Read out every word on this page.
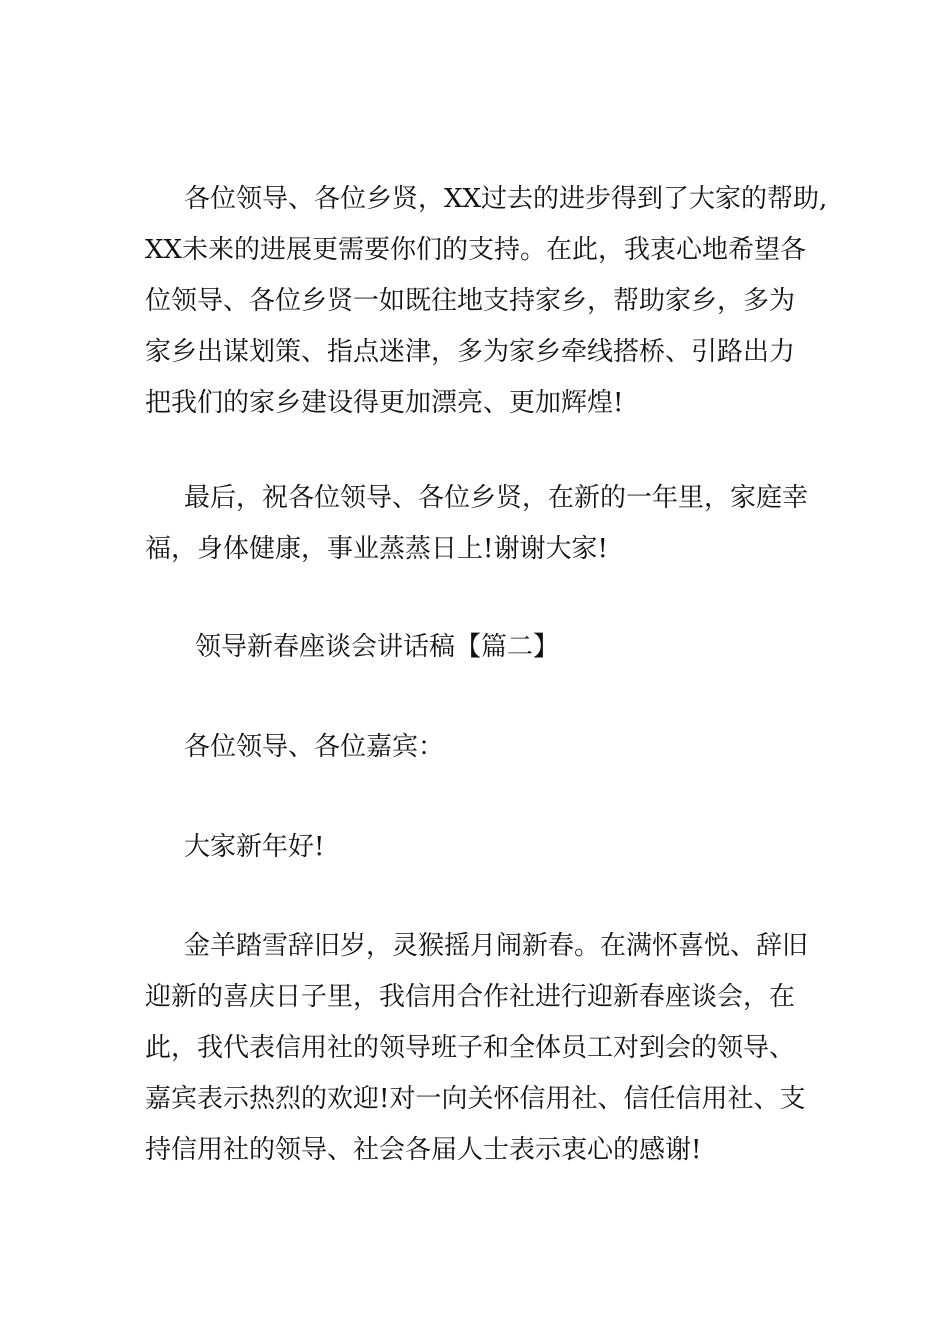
各位领导、各位乡贤，XX过去的进步得到了大家的帮助,
XX未来的进展更需要你们的支持。在此，我衷心地希望各
位领导、各位乡贤一如既往地支持家乡，帮助家乡，多为
家乡出谋划策、指点迷津，多为家乡牵线搭桥、引路出力
把我们的家乡建设得更加漂亮、更加辉煌!
最后，祝各位领导、各位乡贤，在新的一年里，家庭幸
福，身体健康，事业蒸蒸日上!谢谢大家!
领导新春座谈会讲话稿【篇二】
各位领导、各位嘉宾：
大家新年好!
金羊踏雪辞旧岁，灵猴摇月闹新春。在满怀喜悦、辞旧
迎新的喜庆日子里，我信用合作社进行迎新春座谈会，在
此，我代表信用社的领导班子和全体员工对到会的领导、
嘉宾表示热烈的欢迎!对一向关怀信用社、信任信用社、支
持信用社的领导、社会各届人士表示衷心的感谢!
